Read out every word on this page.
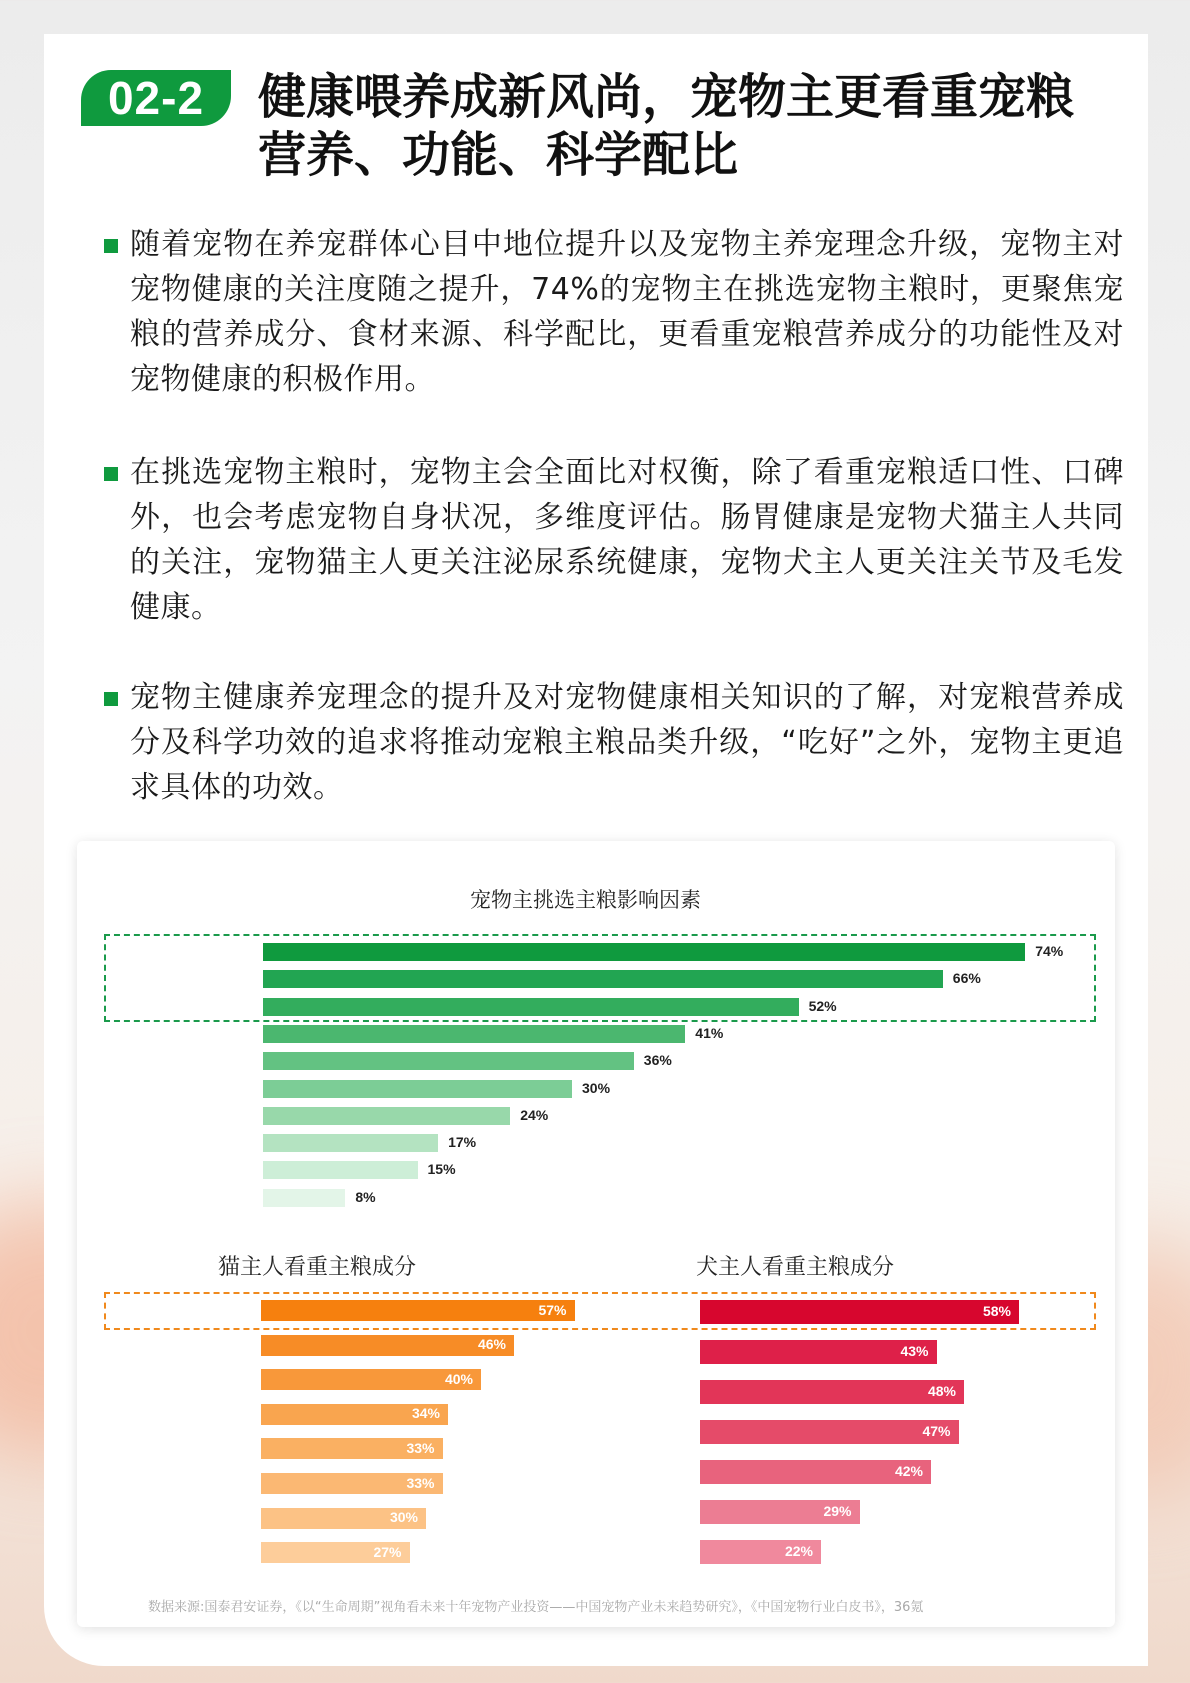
02-2	健康喂养成新风尚，宠物主更看重宠粮
营养、功能、科学配比
随着宠物在养宠群体心目中地位提升以及宠物主养宠理念升级，宠物主对宠物健康的关注度随之提升，74%的宠物主在挑选宠物主粮时，更聚焦宠粮的营养成分、食材来源、科学配比，更看重宠粮营养成分的功能性及对宠物健康的积极作用。
在挑选宠物主粮时，宠物主会全面比对权衡，除了看重宠粮适口性、口碑外，也会考虑宠物自身状况，多维度评估。肠胃健康是宠物犬猫主人共同的关注，宠物猫主人更关注泌尿系统健康，宠物犬主人更关注关节及毛发健康。
宠物主健康养宠理念的提升及对宠物健康相关知识的了解，对宠粮营养成分及科学功效的追求将推动宠粮主粮品类升级，“吃好”之外，宠物主更追求具体的功效。
宠物主挑选主粮影响因素
猫主人看重主粮成分	犬主人看重主粮成分
74%
66%
52%
41%
36%
30%
24%
17%
15%
8%
57%
46%
40%
34%
33%
33%
30%
27%
58%
43%
48%
47%
42%
29%
22%
数据来源:国泰君安证券，《以“生命周期”视角看未来十年宠物产业投资——中国宠物产业未来趋势研究》，《中国宠物行业白皮书》，36氪
